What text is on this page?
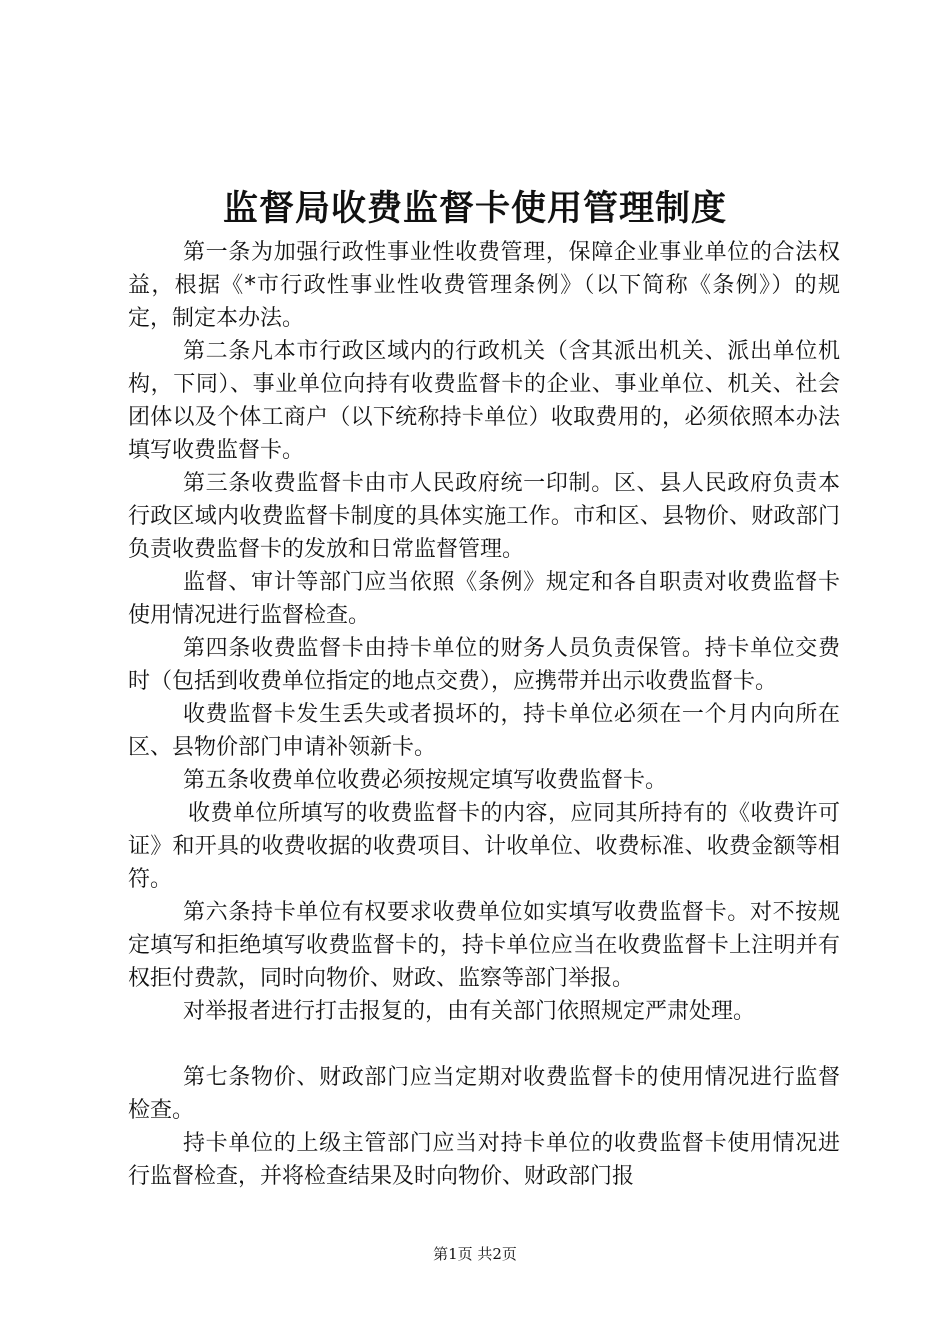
监督局收费监督卡使用管理制度

第一条为加强行政性事业性收费管理，保障企业事业单位的合法权益，根据《*市行政性事业性收费管理条例》（以下简称《条例》）的规定，制定本办法。

第二条凡本市行政区域内的行政机关（含其派出机关、派出单位机构，下同）、事业单位向持有收费监督卡的企业、事业单位、机关、社会团体以及个体工商户（以下统称持卡单位）收取费用的，必须依照本办法填写收费监督卡。

第三条收费监督卡由市人民政府统一印制。区、县人民政府负责本行政区域内收费监督卡制度的具体实施工作。市和区、县物价、财政部门负责收费监督卡的发放和日常监督管理。

监督、审计等部门应当依照《条例》规定和各自职责对收费监督卡使用情况进行监督检查。

第四条收费监督卡由持卡单位的财务人员负责保管。持卡单位交费时（包括到收费单位指定的地点交费），应携带并出示收费监督卡。

收费监督卡发生丢失或者损坏的，持卡单位必须在一个月内向所在区、县物价部门申请补领新卡。

第五条收费单位收费必须按规定填写收费监督卡。

收费单位所填写的收费监督卡的内容，应同其所持有的《收费许可证》和开具的收费收据的收费项目、计收单位、收费标准、收费金额等相符。

第六条持卡单位有权要求收费单位如实填写收费监督卡。对不按规定填写和拒绝填写收费监督卡的，持卡单位应当在收费监督卡上注明并有权拒付费款，同时向物价、财政、监察等部门举报。

对举报者进行打击报复的，由有关部门依照规定严肃处理。

第七条物价、财政部门应当定期对收费监督卡的使用情况进行监督检查。

持卡单位的上级主管部门应当对持卡单位的收费监督卡使用情况进行监督检查，并将检查结果及时向物价、财政部门报

第1页 共2页
